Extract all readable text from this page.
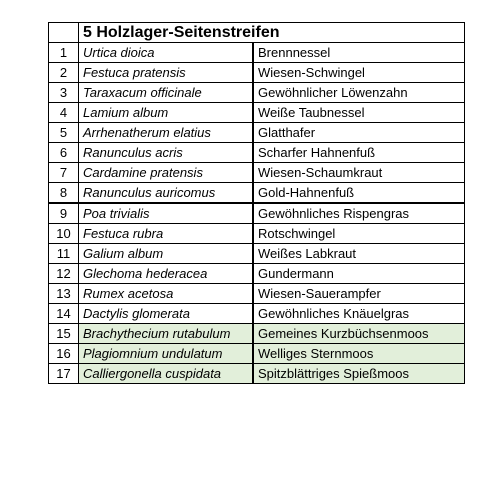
	5 Holzlager-Seitenstreifen	
1	Urtica dioica	Brennnessel
2	Festuca pratensis	Wiesen-Schwingel
3	Taraxacum officinale	Gewöhnlicher Löwenzahn
4	Lamium album	Weiße Taubnessel
5	Arrhenatherum elatius	Glatthafer
6	Ranunculus acris	Scharfer Hahnenfuß
7	Cardamine pratensis	Wiesen-Schaumkraut
8	Ranunculus auricomus	Gold-Hahnenfuß
9	Poa trivialis	Gewöhnliches Rispengras
10	Festuca rubra	Rotschwingel
11	Galium album	Weißes Labkraut
12	Glechoma hederacea	Gundermann
13	Rumex acetosa	Wiesen-Sauerampfer
14	Dactylis glomerata	Gewöhnliches Knäuelgras
15	Brachythecium rutabulum	Gemeines Kurzbüchsenmoos
16	Plagiomnium undulatum	Welliges Sternmoos
17	Calliergonella cuspidata	Spitzblättriges Spießmoos
